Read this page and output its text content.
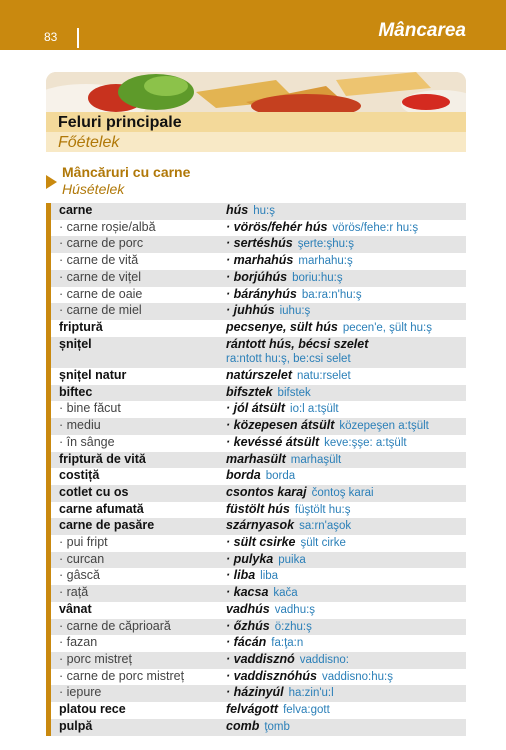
83	Mâncarea
Feluri principale
Főételek
Mâncăruri cu carne
Húsételek
carne	hús hu:ş
· carne roșie/albă	· vörös/fehér hús vörös/fehe:r hu:ş
· carne de porc	· sertéshús şerte:şhu:ş
· carne de vită	· marhahús marhahu:ş
· carne de vițel	· borjúhús boriu:hu:ş
· carne de oaie	· bárányhús ba:ra:n'hu:ş
· carne de miel	· juhhús iuhu:ş
friptură	pecsenye, sült hús pecen'e, şült hu:ş
șnițel	rántott hús, bécsi szelet
ra:ntott hu:ş, be:csi selet
șnițel natur	natúrszelet natu:rselet
biftec	bifsztek bifstek
· bine făcut	· jól átsült io:l a:tşült
· mediu	· közepesen átsült közepeşen a:tşült
· în sânge	· kevéssé átsült keve:şşe: a:tşült
friptură de vită	marhasült marhaşült
costiță	borda borda
cotlet cu os	csontos karaj čontoş karai
carne afumată	füstölt hús füştölt hu:ş
carne de pasăre	szárnyasok sa:rn'aşok
· pui fript	· sült csirke şült cirke
· curcan	· pulyka puika
· gâscă	· liba liba
· rață	· kacsa kača
vânat	vadhús vadhu:ş
· carne de căprioară	· őzhús ö:zhu:ş
· fazan	· fácán fa:ţa:n
· porc mistreț	· vaddisznó vaddisno:
· carne de porc mistreț	· vaddisznóhús vaddisno:hu:ş
· iepure	· házinyúl ha:zin'u:l
platou rece	felvágott felva:gott
pulpă	comb ţomb
